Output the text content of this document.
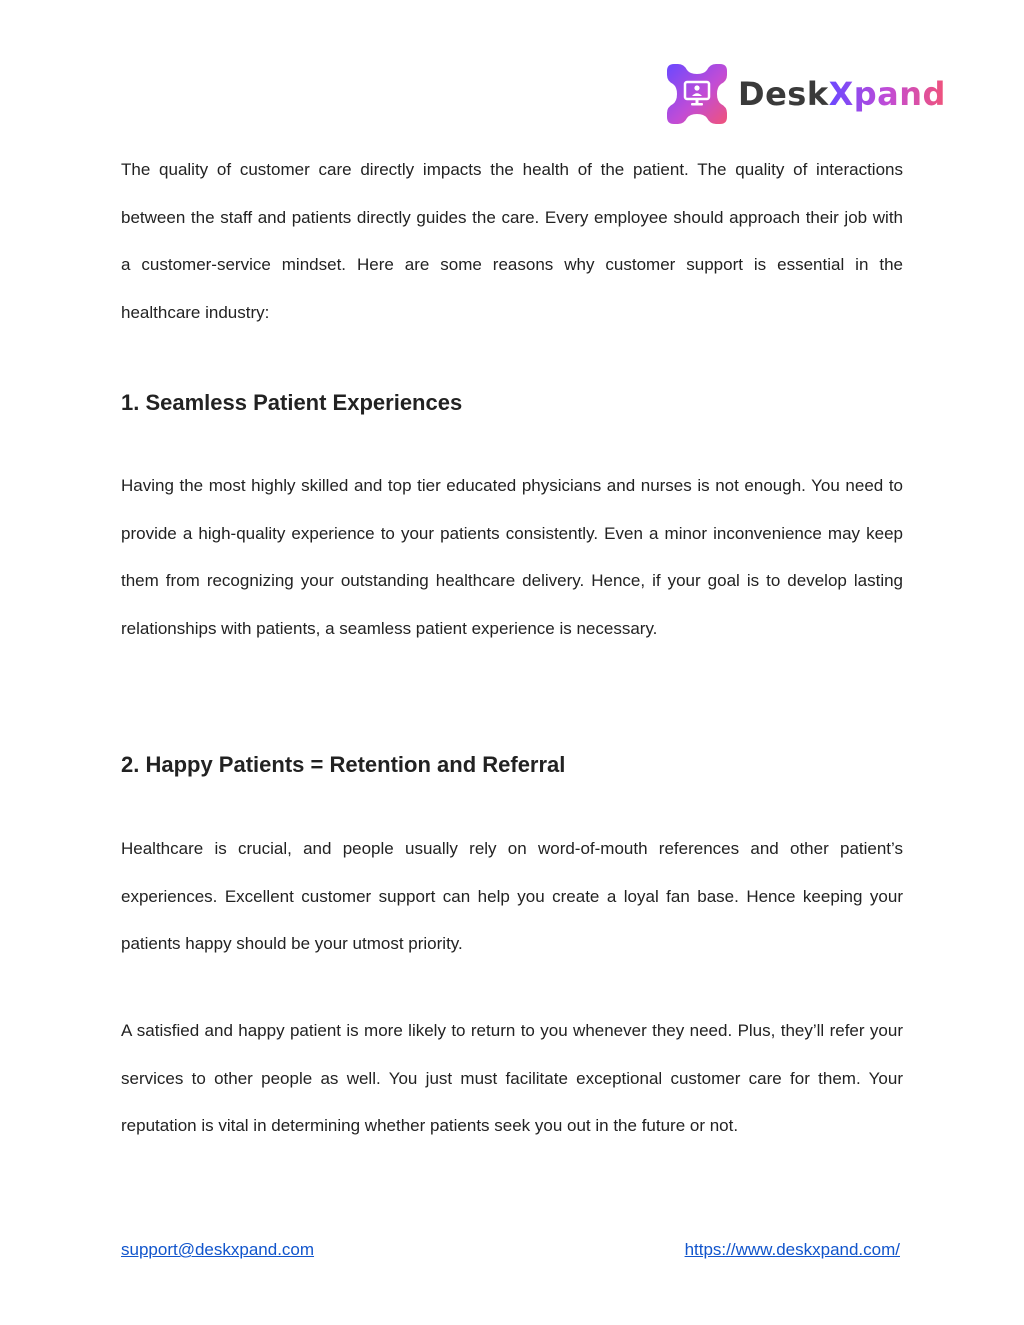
DeskXpand

The quality of customer care directly impacts the health of the patient. The quality of interactions between the staff and patients directly guides the care. Every employee should approach their job with a customer-service mindset. Here are some reasons why customer support is essential in the healthcare industry:

1. Seamless Patient Experiences

Having the most highly skilled and top tier educated physicians and nurses is not enough. You need to provide a high-quality experience to your patients consistently. Even a minor inconvenience may keep them from recognizing your outstanding healthcare delivery. Hence, if your goal is to develop lasting relationships with patients, a seamless patient experience is necessary.

2. Happy Patients = Retention and Referral

Healthcare is crucial, and people usually rely on word-of-mouth references and other patient’s experiences. Excellent customer support can help you create a loyal fan base. Hence keeping your patients happy should be your utmost priority.

A satisfied and happy patient is more likely to return to you whenever they need. Plus, they’ll refer your services to other people as well. You just must facilitate exceptional customer care for them. Your reputation is vital in determining whether patients seek you out in the future or not.

support@deskxpand.com	https://www.deskxpand.com/
